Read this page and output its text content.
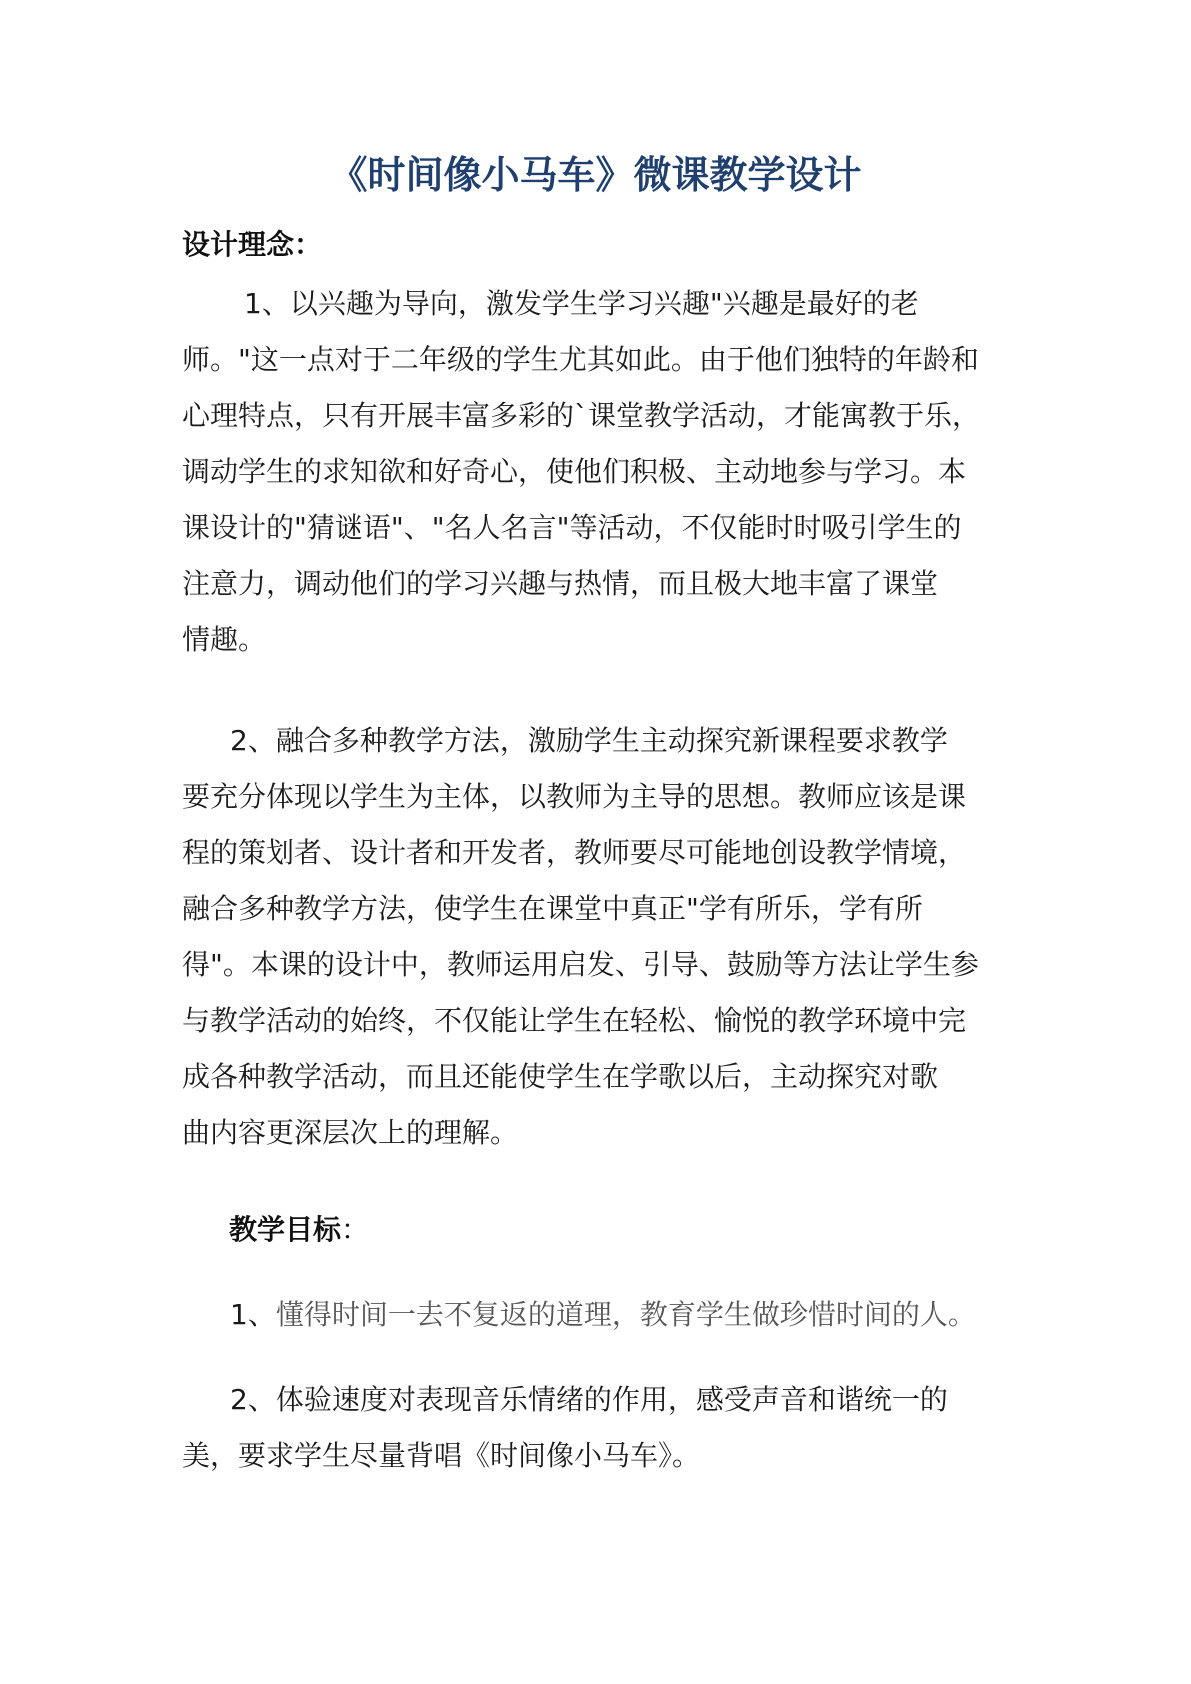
《时间像小马车》微课教学设计
设计理念：

1、以兴趣为导向，激发学生学习兴趣"兴趣是最好的老
师。"这一点对于二年级的学生尤其如此。由于他们独特的年龄和
心理特点，只有开展丰富多彩的`课堂教学活动，才能寓教于乐，
调动学生的求知欲和好奇心，使他们积极、主动地参与学习。本
课设计的"猜谜语"、"名人名言"等活动，不仅能时时吸引学生的
注意力，调动他们的学习兴趣与热情，而且极大地丰富了课堂
情趣。

2、融合多种教学方法，激励学生主动探究新课程要求教学
要充分体现以学生为主体，以教师为主导的思想。教师应该是课
程的策划者、设计者和开发者，教师要尽可能地创设教学情境，
融合多种教学方法，使学生在课堂中真正"学有所乐，学有所
得"。本课的设计中，教师运用启发、引导、鼓励等方法让学生参
与教学活动的始终，不仅能让学生在轻松、愉悦的教学环境中完
成各种教学活动，而且还能使学生在学歌以后，主动探究对歌
曲内容更深层次上的理解。

教学目标：

1、懂得时间一去不复返的道理，教育学生做珍惜时间的人。

2、体验速度对表现音乐情绪的作用，感受声音和谐统一的
美，要求学生尽量背唱《时间像小马车》。
